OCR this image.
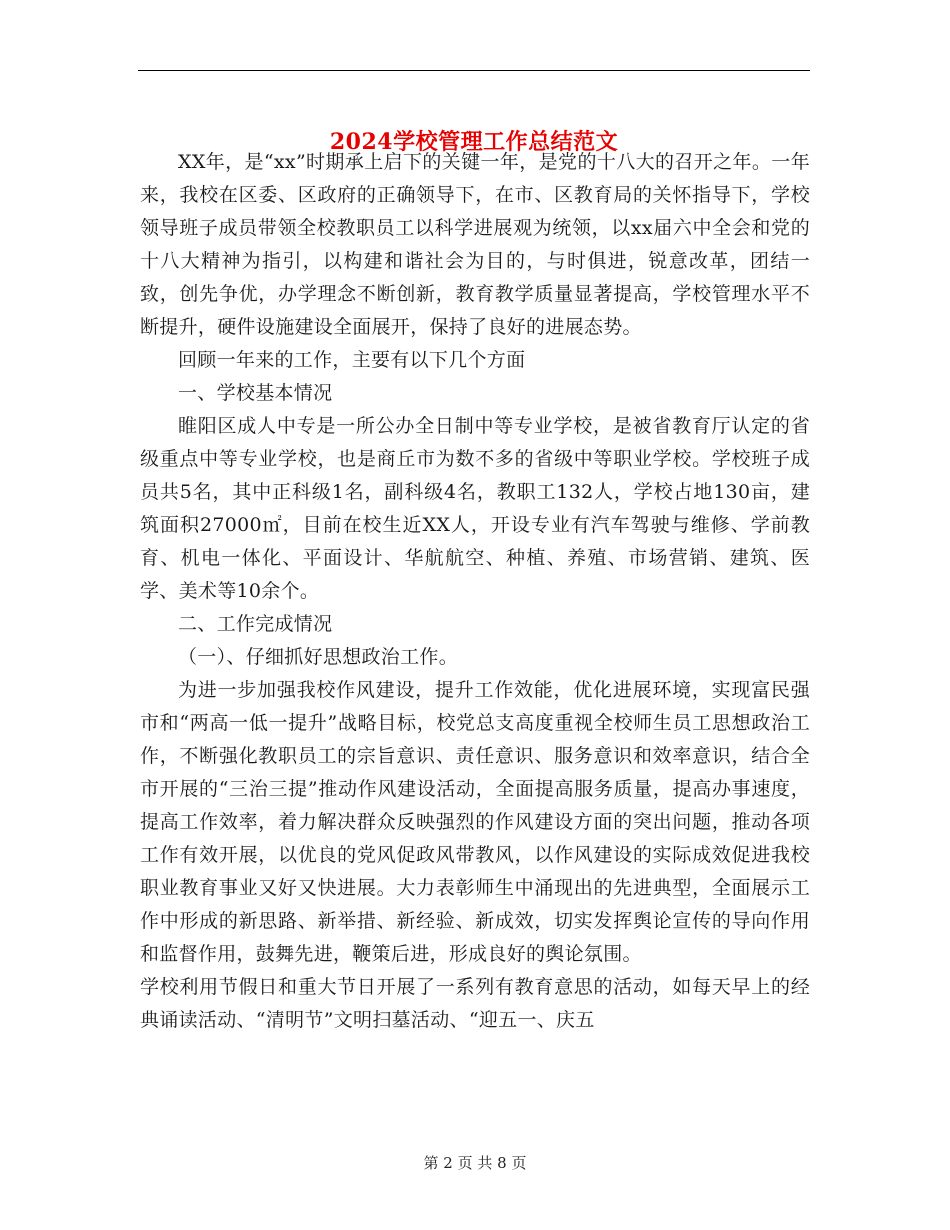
2024学校管理工作总结范文

XX年，是“xx”时期承上启下的关键一年，是党的十八大的召开之年。一年来，我校在区委、区政府的正确领导下，在市、区教育局的关怀指导下，学校领导班子成员带领全校教职员工以科学进展观为统领，以xx届六中全会和党的十八大精神为指引，以构建和谐社会为目的，与时俱进，锐意改革，团结一致，创先争优，办学理念不断创新，教育教学质量显著提高，学校管理水平不断提升，硬件设施建设全面展开，保持了良好的进展态势。

回顾一年来的工作，主要有以下几个方面

一、学校基本情况

睢阳区成人中专是一所公办全日制中等专业学校，是被省教育厅认定的省级重点中等专业学校，也是商丘市为数不多的省级中等职业学校。学校班子成员共5名，其中正科级1名，副科级4名，教职工132人，学校占地130亩，建筑面积27000㎡，目前在校生近XX人，开设专业有汽车驾驶与维修、学前教育、机电一体化、平面设计、华航航空、种植、养殖、市场营销、建筑、医学、美术等10余个。

二、工作完成情况

（一）、仔细抓好思想政治工作。

为进一步加强我校作风建设，提升工作效能，优化进展环境，实现富民强市和“两高一低一提升”战略目标，校党总支高度重视全校师生员工思想政治工作，不断强化教职员工的宗旨意识、责任意识、服务意识和效率意识，结合全市开展的“三治三提”推动作风建设活动，全面提高服务质量，提高办事速度，提高工作效率，着力解决群众反映强烈的作风建设方面的突出问题，推动各项工作有效开展，以优良的党风促政风带教风，以作风建设的实际成效促进我校职业教育事业又好又快进展。大力表彰师生中涌现出的先进典型，全面展示工作中形成的新思路、新举措、新经验、新成效，切实发挥舆论宣传的导向作用和监督作用，鼓舞先进，鞭策后进，形成良好的舆论氛围。

学校利用节假日和重大节日开展了一系列有教育意思的活动，如每天早上的经典诵读活动、“清明节”文明扫墓活动、“迎五一、庆五

第 2 页 共 8 页
